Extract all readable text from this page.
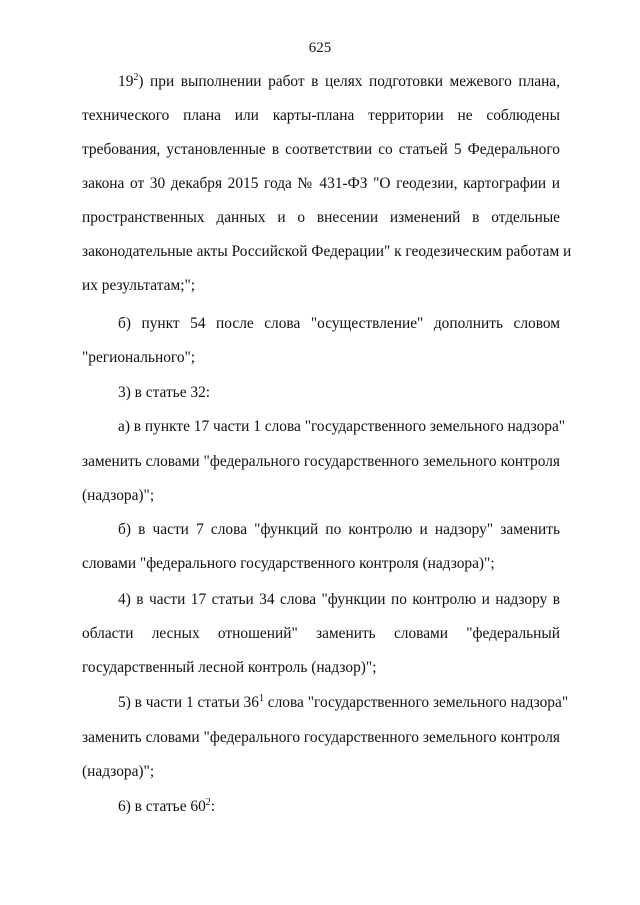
625
$19^2$) при выполнении работ в целях подготовки межевого плана,
технического плана или карты-плана территории не соблюдены
требования, установленные в соответствии со статьей 5 Федерального
закона от 30 декабря 2015 года № 431-ФЗ "О геодезии, картографии и
пространственных данных и о внесении изменений в отдельные
законодательные акты Российской Федерации" к геодезическим работам и
их результатам;";
б) пункт 54 после слова "осуществление" дополнить словом
"регионального";
3) в статье 32:
а) в пункте 17 части 1 слова "государственного земельного надзора"
заменить словами "федерального государственного земельного контроля
(надзора)";
б) в части 7 слова "функций по контролю и надзору" заменить
словами "федерального государственного контроля (надзора)";
4) в части 17 статьи 34 слова "функции по контролю и надзору в
области лесных отношений" заменить словами "федеральный
государственный лесной контроль (надзор)";
5) в части 1 статьи $36^1$ слова "государственного земельного надзора"
заменить словами "федерального государственного земельного контроля
(надзора)";
6) в статье $60^2$:
